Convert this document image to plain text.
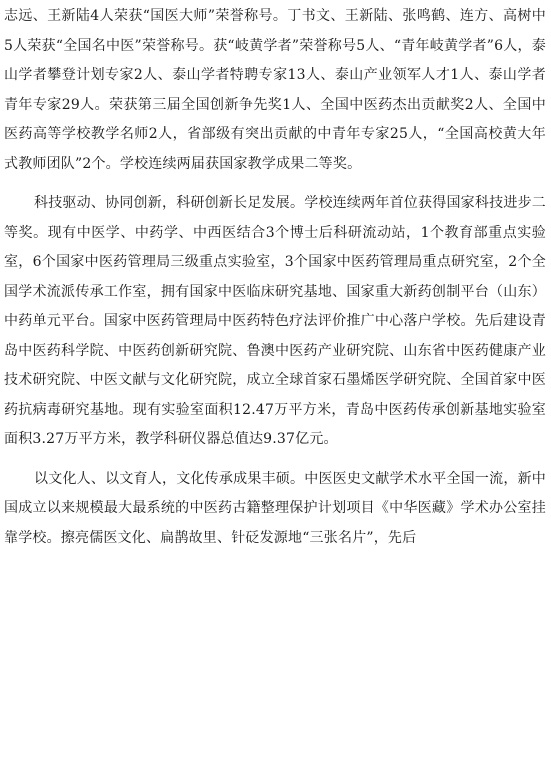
志远、王新陆4人荣获“国医大师”荣誉称号。丁书文、王新陆、张鸣鹤、连方、高树中5人荣获“全国名中医”荣誉称号。获“岐黄学者”荣誉称号5人、“青年岐黄学者”6人，泰山学者攀登计划专家2人、泰山学者特聘专家13人、泰山产业领军人才1人、泰山学者青年专家29人。荣获第三届全国创新争先奖1人、全国中医药杰出贡献奖2人、全国中医药高等学校教学名师2人，省部级有突出贡献的中青年专家25人，“全国高校黄大年式教师团队”2个。学校连续两届获国家教学成果二等奖。

科技驱动、协同创新，科研创新长足发展。学校连续两年首位获得国家科技进步二等奖。现有中医学、中药学、中西医结合3个博士后科研流动站，1个教育部重点实验室，6个国家中医药管理局三级重点实验室，3个国家中医药管理局重点研究室，2个全国学术流派传承工作室，拥有国家中医临床研究基地、国家重大新药创制平台（山东）中药单元平台。国家中医药管理局中医药特色疗法评价推广中心落户学校。先后建设青岛中医药科学院、中医药创新研究院、鲁澳中医药产业研究院、山东省中医药健康产业技术研究院、中医文献与文化研究院，成立全球首家石墨烯医学研究院、全国首家中医药抗病毒研究基地。现有实验室面积12.47万平方米，青岛中医药传承创新基地实验室面积3.27万平方米，教学科研仪器总值达9.37亿元。

以文化人、以文育人，文化传承成果丰硕。中医医史文献学术水平全国一流，新中国成立以来规模最大最系统的中医药古籍整理保护计划项目《中华医藏》学术办公室挂靠学校。擦亮儒医文化、扁鹊故里、针砭发源地“三张名片”，先后
